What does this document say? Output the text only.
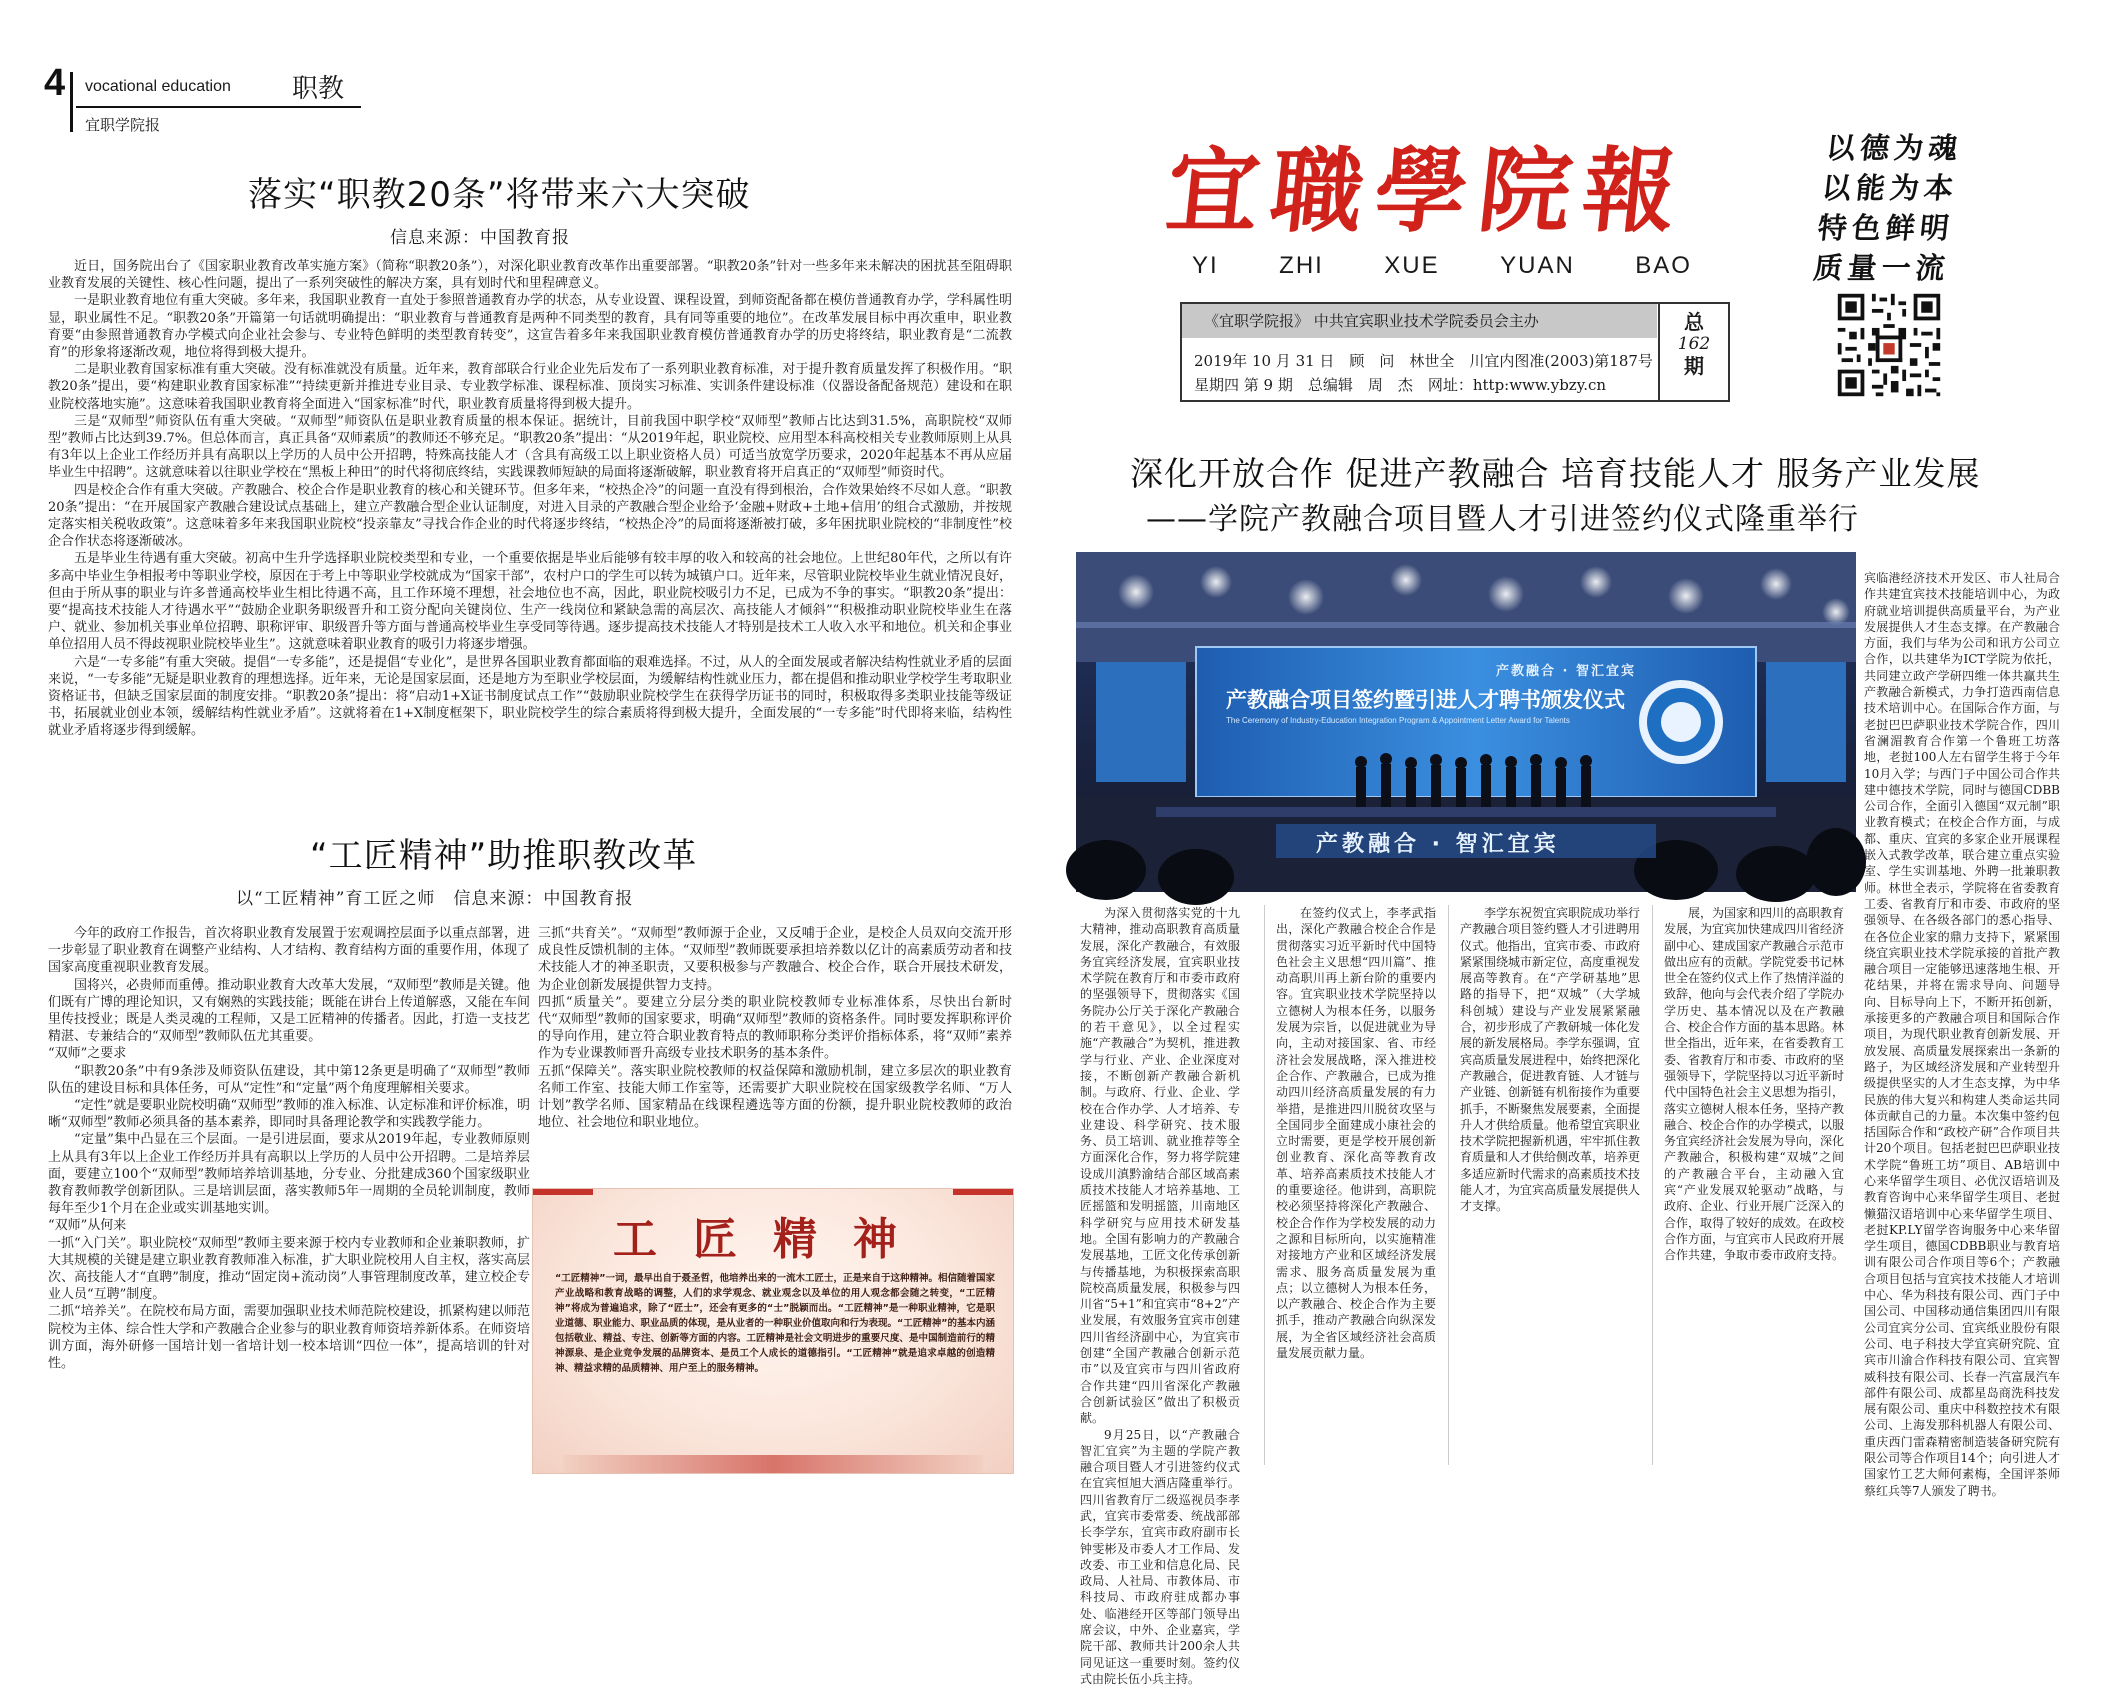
4 vocational education 职教
宜职学院报
落实“职教20条”将带来六大突破
信息来源：中国教育报

近日，国务院出台了《国家职业教育改革实施方案》（简称“职教20条”），对深化职业教育改革作出重要部署。“职教20条”针对一些多年来未解决的困扰甚至阻碍职业教育发展的关键性、核心性问题，提出了一系列突破性的解决方案，具有划时代和里程碑意义。

一是职业教育地位有重大突破。多年来，我国职业教育一直处于参照普通教育办学的状态，从专业设置、课程设置，到师资配备都在模仿普通教育办学，学科属性明显，职业属性不足。“职教20条”开篇第一句话就明确提出：“职业教育与普通教育是两种不同类型的教育，具有同等重要的地位”。在改革发展目标中再次重申，职业教育要“由参照普通教育办学模式向企业社会参与、专业特色鲜明的类型教育转变”，这宣告着多年来我国职业教育模仿普通教育办学的历史将终结，职业教育是“二流教育”的形象将逐渐改观，地位将得到极大提升。

二是职业教育国家标准有重大突破。没有标准就没有质量。近年来，教育部联合行业企业先后发布了一系列职业教育标准，对于提升教育质量发挥了积极作用。“职教20条”提出，要“构建职业教育国家标准”“持续更新并推进专业目录、专业教学标准、课程标准、顶岗实习标准、实训条件建设标准（仪器设备配备规范）建设和在职业院校落地实施”。这意味着我国职业教育将全面进入“国家标准”时代，职业教育质量将得到极大提升。

三是“双师型”师资队伍有重大突破。“双师型”师资队伍是职业教育质量的根本保证。据统计，目前我国中职学校“双师型”教师占比达到31.5%，高职院校“双师型”教师占比达到39.7%。但总体而言，真正具备“双师素质”的教师还不够充足。“职教20条”提出：“从2019年起，职业院校、应用型本科高校相关专业教师原则上从具有3年以上企业工作经历并具有高职以上学历的人员中公开招聘，特殊高技能人才（含具有高级工以上职业资格人员）可适当放宽学历要求，2020年起基本不再从应届毕业生中招聘”。这就意味着以往职业学校在“黑板上种田”的时代将彻底终结，实践课教师短缺的局面将逐渐破解，职业教育将开启真正的“双师型”师资时代。

四是校企合作有重大突破。产教融合、校企合作是职业教育的核心和关键环节。但多年来，“校热企冷”的问题一直没有得到根治，合作效果始终不尽如人意。“职教20条”提出：“在开展国家产教融合建设试点基础上，建立产教融合型企业认证制度，对进入目录的产教融合型企业给予‘金融+财政+土地+信用’的组合式激励，并按规定落实相关税收政策”。这意味着多年来我国职业院校“投亲靠友”寻找合作企业的时代将逐步终结，“校热企冷”的局面将逐渐被打破，多年困扰职业院校的“非制度性”校企合作状态将逐渐破冰。

五是毕业生待遇有重大突破。初高中生升学选择职业院校类型和专业，一个重要依据是毕业后能够有较丰厚的收入和较高的社会地位。上世纪80年代，之所以有许多高中毕业生争相报考中等职业学校，原因在于考上中等职业学校就成为“国家干部”，农村户口的学生可以转为城镇户口。近年来，尽管职业院校毕业生就业情况良好，但由于所从事的职业与许多普通高校毕业生相比待遇不高，且工作环境不理想，社会地位也不高，因此，职业院校吸引力不足，已成为不争的事实。“职教20条”提出：要“提高技术技能人才待遇水平”“鼓励企业职务职级晋升和工资分配向关键岗位、生产一线岗位和紧缺急需的高层次、高技能人才倾斜”“积极推动职业院校毕业生在落户、就业、参加机关事业单位招聘、职称评审、职级晋升等方面与普通高校毕业生享受同等待遇。逐步提高技术技能人才特别是技术工人收入水平和地位。机关和企事业单位招用人员不得歧视职业院校毕业生”。这就意味着职业教育的吸引力将逐步增强。

六是“一专多能”有重大突破。提倡“一专多能”，还是提倡“专业化”，是世界各国职业教育都面临的艰难选择。不过，从人的全面发展或者解决结构性就业矛盾的层面来说，“一专多能”无疑是职业教育的理想选择。近年来，无论是国家层面，还是地方为至职业学校层面，为缓解结构性就业压力，都在提倡和推动职业学校学生考取职业资格证书，但缺乏国家层面的制度安排。“职教20条”提出：将“启动1+X证书制度试点工作”“鼓励职业院校学生在获得学历证书的同时，积极取得多类职业技能等级证书，拓展就业创业本领，缓解结构性就业矛盾”。这就将着在1+X制度框架下，职业院校学生的综合素质将得到极大提升，全面发展的“一专多能”时代即将来临，结构性就业矛盾将逐步得到缓解。

“工匠精神”助推职教改革
以“工匠精神”育工匠之师　信息来源：中国教育报

今年的政府工作报告，首次将职业教育发展置于宏观调控层面予以重点部署，进一步彰显了职业教育在调整产业结构、人才结构、教育结构方面的重要作用，体现了国家高度重视职业教育发展。

国将兴，必贵师而重傅。推动职业教育大改革大发展，“双师型”教师是关键。他们既有广博的理论知识，又有娴熟的实践技能；既能在讲台上传道解惑，又能在车间里传技授业；既是人类灵魂的工程师，又是工匠精神的传播者。因此，打造一支技艺精湛、专兼结合的“双师型”教师队伍尤其重要。

“双师”之要求

“职教20条”中有9条涉及师资队伍建设，其中第12条更是明确了“双师型”教师队伍的建设目标和具体任务，可从“定性”和“定量”两个角度理解相关要求。

“定性”就是要职业院校明确“双师型”教师的准入标准、认定标准和评价标准，明晰“双师型”教师必须具备的基本素养，即同时具备理论教学和实践教学能力。

“定量”集中凸显在三个层面。一是引进层面，要求从2019年起，专业教师原则上从具有3年以上企业工作经历并具有高职以上学历的人员中公开招聘。二是培养层面，要建立100个“双师型”教师培养培训基地，分专业、分批建成360个国家级职业教育教师教学创新团队。三是培训层面，落实教师5年一周期的全员轮训制度，教师每年至少1个月在企业或实训基地实训。

“双师”从何来

一抓“入门关”。职业院校“双师型”教师主要来源于校内专业教师和企业兼职教师，扩大其规模的关键是建立职业教育教师准入标准，扩大职业院校用人自主权，落实高层次、高技能人才“直聘”制度，推动“固定岗+流动岗”人事管理制度改革，建立校企专业人员“互聘”制度。

二抓“培养关”。在院校布局方面，需要加强职业技术师范院校建设，抓紧构建以师范院校为主体、综合性大学和产教融合企业参与的职业教育师资培养新体系。在师资培训方面，海外研修一国培计划一省培计划一校本培训“四位一体”，提高培训的针对性。

三抓“共育关”。“双师型”教师源于企业，又反哺于企业，是校企人员双向交流开形成良性反馈机制的主体。“双师型”教师既要承担培养数以亿计的高素质劳动者和技术技能人才的神圣职责，又要积极参与产教融合、校企合作，联合开展技术研发，为企业创新发展提供智力支持。

四抓“质量关”。要建立分层分类的职业院校教师专业标准体系，尽快出台新时代“双师型”教师的国家要求，明确“双师型”教师的资格条件。同时要发挥职称评价的导向作用，建立符合职业教育特点的教师职称分类评价指标体系，将“双师”素养作为专业课教师晋升高级专业技术职务的基本条件。

五抓“保障关”。落实职业院校教师的权益保障和激励机制，建立多层次的职业教育名师工作室、技能大师工作室等，还需要扩大职业院校在国家级教学名师、“万人计划”教学名师、国家精品在线课程遴选等方面的份额，提升职业院校教师的政治地位、社会地位和职业地位。

工匠精神
“工匠精神”一词，最早出自于聂圣哲，他培养出来的一流木工匠士，正是来自于这种精神。相信随着国家产业战略和教育战略的调整，人们的求学观念、就业观念以及单位的用人观念都会随之转变，“工匠精神”将成为普遍追求，除了“匠士”，还会有更多的“士”脱颖而出。“工匠精神”是一种职业精神，它是职业道德、职业能力、职业品质的体现，是从业者的一种职业价值取向和行为表现。“工匠精神”的基本内涵包括敬业、精益、专注、创新等方面的内容。工匠精神是社会文明进步的重要尺度、是中国制造前行的精神源泉、是企业竞争发展的品牌资本、是员工个人成长的道德指引。“工匠精神”就是追求卓越的创造精神、精益求精的品质精神、用户至上的服务精神。
宜職學院報
YI	ZHI	XUE	YUAN	BAO
以德为魂
以能为本
特色鲜明
质量一流
《宜职学院报》 中共宜宾职业技术学院委员会主办
2019年 10 月 31 日　顾　问　林世全　川宜内图准(2003)第187号
星期四 第 9 期　总编辑　周　杰　网址：http:www.ybzy.cn
总
162
期
深化开放合作 促进产教融合 培育技能人才 服务产业发展
——学院产教融合项目暨人才引进签约仪式隆重举行
产教融合 · 智汇宜宾
产教融合项目签约暨引进人才聘书颁发仪式
The Ceremony of Industry-Education Integration Program & Appointment Letter Award for Talents
产教融合 · 智汇宜宾

为深入贯彻落实党的十九大精神，推动高职教育高质量发展，深化产教融合，有效服务宜宾经济发展，宜宾职业技术学院在教育厅和市委市政府的坚强领导下，贯彻落实《国务院办公厅关于深化产教融合的若干意见》，以全过程实施“产教融合”为契机，推进教学与行业、产业、企业深度对接，不断创新产教融合新机制。与政府、行业、企业、学校在合作办学、人才培养、专业建设、科学研究、技术服务、员工培训、就业推荐等全方面深化合作，努力将学院建设成川滇黔渝结合部区域高素质技术技能人才培养基地、工匠摇篮和发明摇篮，川南地区科学研究与应用技术研发基地。全国有影响力的产教融合发展基地，工匠文化传承创新与传播基地，为积极探索高职院校高质量发展，积极参与四川省“5+1”和宜宾市“8+2”产业发展，有效服务宜宾市创建四川省经济副中心，为宜宾市创建“全国产教融合创新示范市”以及宜宾市与四川省政府合作共建“四川省深化产教融合创新试验区”做出了积极贡献。

9月25日，以“产教融合 智汇宜宾”为主题的学院产教融合项目暨人才引进签约仪式在宜宾恒旭大酒店隆重举行。四川省教育厅二级巡视员李孝武，宜宾市委常委、统战部部长李学东，宜宾市政府副市长钟雯彬及市委人才工作局、发改委、市工业和信息化局、民政局、人社局、市教体局、市科技局、市政府驻成都办事处、临港经开区等部门领导出席会议，中外、企业嘉宾，学院干部、教师共计200余人共同见证这一重要时刻。签约仪式由院长伍小兵主持。

在签约仪式上，李孝武指出，深化产教融合校企合作是贯彻落实习近平新时代中国特色社会主义思想“四川篇”、推动高职川再上新台阶的重要内容。宜宾职业技术学院坚持以立德树人为根本任务，以服务发展为宗旨，以促进就业为导向，主动对接国家、省、市经济社会发展战略，深入推进校企合作、产教融合，已成为推动四川经济高质量发展的有力举措，是推进四川脱贫攻坚与全国同步全面建成小康社会的立时需要，更是学校开展创新创业教育、深化高等教育改革、培养高素质技术技能人才的重要途径。他讲到，高职院校必须坚持将深化产教融合、校企合作作为学校发展的动力之源和目标所向，以实施精准对接地方产业和区域经济发展需求、服务高质量发展为重点；以立德树人为根本任务，以产教融合、校企合作为主要抓手，推动产教融合向纵深发展，为全省区域经济社会高质量发展贡献力量。

李学东祝贺宜宾职院成功举行产教融合项目签约暨人才引进聘用仪式。他指出，宜宾市委、市政府紧紧围绕城市新定位，高度重视发展高等教育。在“产学研基地”思路的指导下，把“双城”（大学城科创城）建设与产业发展紧紧融合，初步形成了产教研城一体化发展的新发展格局。李学东强调，宜宾高质量发展进程中，始终把深化产教融合，促进教育链、人才链与产业链、创新链有机衔接作为重要抓手，不断聚焦发展要素，全面提升人才供给质量。他希望宜宾职业技术学院把握新机遇，牢牢抓住教育质量和人才供给侧改革，培养更多适应新时代需求的高素质技术技能人才，为宜宾高质量发展提供人才支撑。

展，为国家和四川的高职教育发展，为宜宾加快建成四川省经济副中心、建成国家产教融合示范市做出应有的贡献。学院党委书记林世全在签约仪式上作了热情洋溢的致辞，他向与会代表介绍了学院办学历史、基本情况以及在产教融合、校企合作方面的基本思路。林世全指出，近年来，在省委教育工委、省教育厅和市委、市政府的坚强领导下，学院坚持以习近平新时代中国特色社会主义思想为指引，落实立德树人根本任务，坚持产教融合、校企合作的办学模式，以服务宜宾经济社会发展为导向，深化产教融合，积极构建“双城”之间的产教融合平台，主动融入宜宾“产业发展双轮驱动”战略，与政府、企业、行业开展广泛深入的合作，取得了较好的成效。在政校合作方面，与宜宾市人民政府开展合作共建，争取市委市政府支持。

宾临港经济技术开发区、市人社局合作共建宜宾技术技能培训中心，为政府就业培训提供高质量平台，为产业发展提供人才生态支撑。在产教融合方面，我们与华为公司和讯方公司立合作，以共建华为ICT学院为依托，共同建立政产学研四维一体共赢共生产教融合新模式，力争打造西南信息技术培训中心。在国际合作方面，与老挝巴巴萨职业技术学院合作，四川省澜湄教育合作第一个鲁班工坊落地，老挝100人左右留学生将于今年10月入学；与西门子中国公司合作共建中德技术学院，同时与德国CDBB公司合作，全面引入德国“双元制”职业教育模式；在校企合作方面，与成都、重庆、宜宾的多家企业开展课程嵌入式教学改革，联合建立重点实验室、学生实训基地、外聘一批兼职教师。林世全表示，学院将在省委教育工委、省教育厅和市委、市政府的坚强领导、在各级各部门的悉心指导、在各位企业家的鼎力支持下，紧紧围绕宜宾职业技术学院承接的首批产教融合项目一定能够迅速落地生根、开花结果，并将在需求导向、问题导向、目标导向上下，不断开拓创新，承接更多的产教融合项目和国际合作项目，为现代职业教育创新发展、开放发展、高质量发展探索出一条新的路子，为区域经济发展和产业转型升级提供坚实的人才生态支撑，为中华民族的伟大复兴和构建人类命运共同体贡献自己的力量。本次集中签约包括国际合作和“政校产研”合作项目共计20个项目。包括老挝巴巴萨职业技术学院“鲁班工坊”项目、AB培训中心来华留学生项目、必优汉语培训及教育咨询中心来华留学生项目、老挝懒猫汉语培训中心来华留学生项目、老挝KP.LY留学咨询服务中心来华留学生项目，德国CDBB职业与教育培训有限公司合作项目等6个；产教融合项目包括与宜宾技术技能人才培训中心、华为科技有限公司、西门子中国公司、中国移动通信集团四川有限公司宜宾分公司、宜宾纸业股份有限公司、电子科技大学宜宾研究院、宜宾市川渝合作科技有限公司、宜宾智威科技有限公司、长春一汽富晟汽车部件有限公司、成都星岛商洗科技发展有限公司、重庆中科数控技术有限公司、上海发那科机器人有限公司、重庆西门雷森精密制造装备研究院有限公司等合作项目14个；向引进人才国家竹工艺大师何素梅，全国评茶师蔡红兵等7人颁发了聘书。
